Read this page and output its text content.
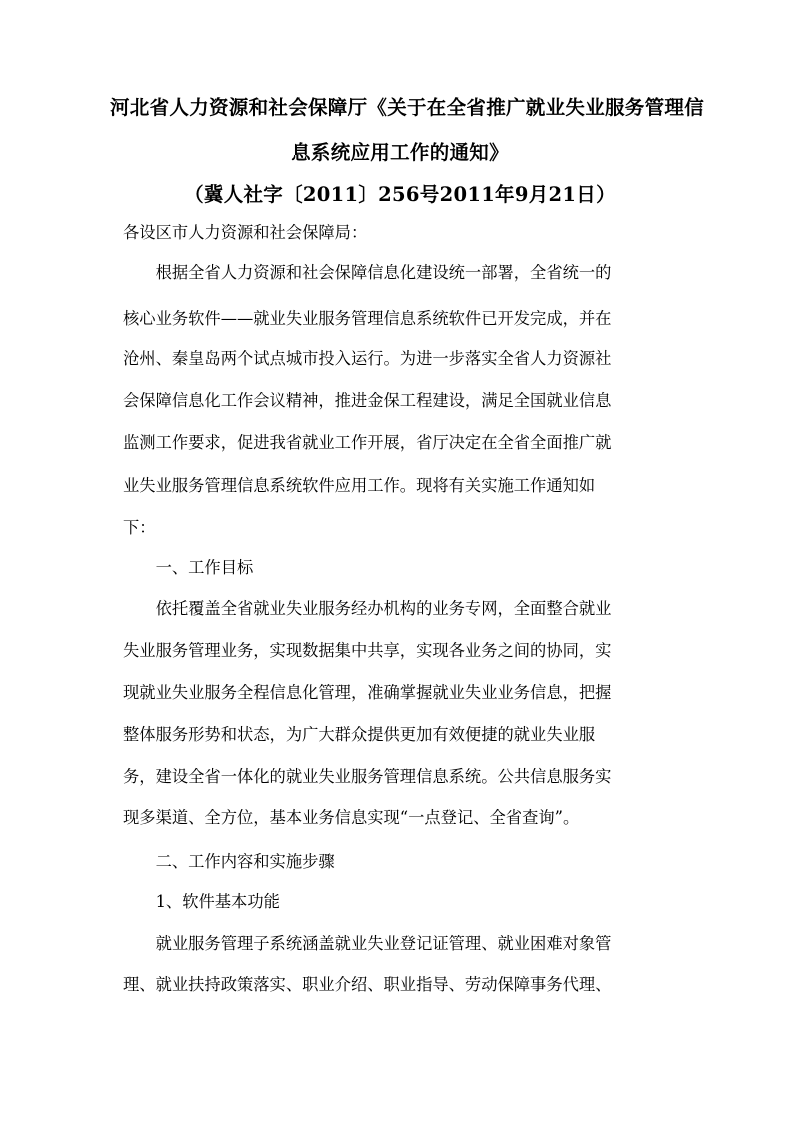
河北省人力资源和社会保障厅《关于在全省推广就业失业服务管理信
息系统应用工作的通知》
（冀人社字〔2011〕256号2011年9月21日）
各设区市人力资源和社会保障局：
　　根据全省人力资源和社会保障信息化建设统一部署，全省统一的
核心业务软件——就业失业服务管理信息系统软件已开发完成，并在
沧州、秦皇岛两个试点城市投入运行。为进一步落实全省人力资源社
会保障信息化工作会议精神，推进金保工程建设，满足全国就业信息
监测工作要求，促进我省就业工作开展，省厅决定在全省全面推广就
业失业服务管理信息系统软件应用工作。现将有关实施工作通知如
下：
　　一、工作目标
　　依托覆盖全省就业失业服务经办机构的业务专网，全面整合就业
失业服务管理业务，实现数据集中共享，实现各业务之间的协同，实
现就业失业服务全程信息化管理，准确掌握就业失业业务信息，把握
整体服务形势和状态，为广大群众提供更加有效便捷的就业失业服
务，建设全省一体化的就业失业服务管理信息系统。公共信息服务实
现多渠道、全方位，基本业务信息实现“一点登记、全省查询”。
　　二、工作内容和实施步骤
　　1、软件基本功能
　　就业服务管理子系统涵盖就业失业登记证管理、就业困难对象管
理、就业扶持政策落实、职业介绍、职业指导、劳动保障事务代理、
